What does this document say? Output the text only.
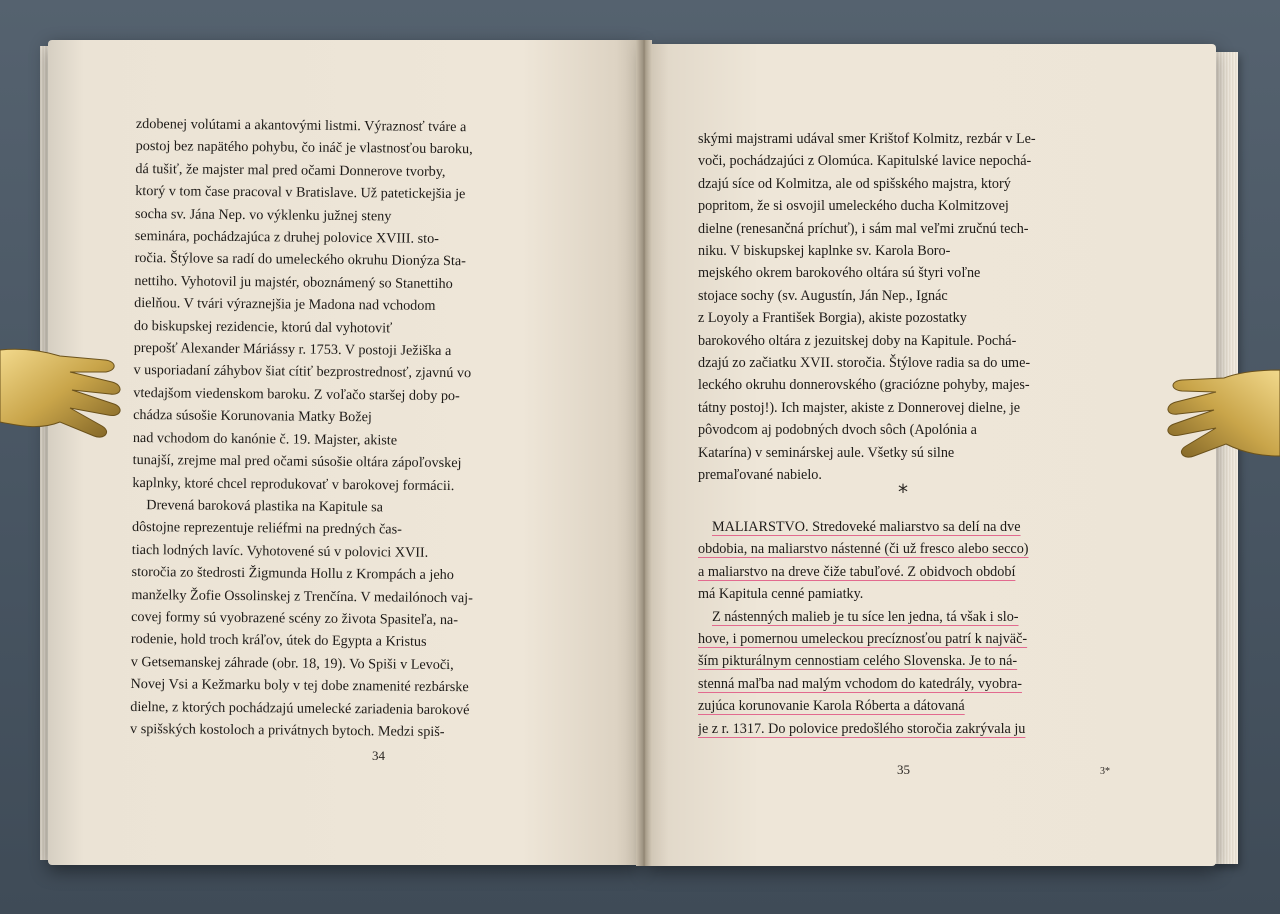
zdobenej volútami a akantovými listmi. Výraznosť tváre a
postoj bez napätého pohybu, čo ináč je vlastnosťou baroku,
dá tušiť, že majster mal pred očami Donnerove tvorby,
ktorý v tom čase pracoval v Bratislave. Už patetickejšia je
socha sv. Jána Nep. vo výklenku južnej steny
seminára, pochádzajúca z druhej polovice XVIII. sto-
ročia. Štýlove sa radí do umeleckého okruhu Dionýza Sta-
nettiho. Vyhotovil ju majstér, oboznámený so Stanettiho
dielňou. V tvári výraznejšia je Madona nad vchodom
do biskupskej rezidencie, ktorú dal vyhotoviť
prepošť Alexander Máriássy r. 1753. V postoji Ježiška a
v usporiadaní záhybov šiat cítiť bezprostrednosť, zjavnú vo
vtedajšom viedenskom baroku. Z voľačo staršej doby po-
chádza súsošie Korunovania Matky Božej
nad vchodom do kanónie č. 19. Majster, akiste
tunajší, zrejme mal pred očami súsošie oltára zápoľovskej
kaplnky, ktoré chcel reprodukovať v barokovej formácii.
Drevená baroková plastika na Kapitule sa
dôstojne reprezentuje reliéfmi na predných čas-
tiach lodných lavíc. Vyhotovené sú v polovici XVII.
storočia zo štedrosti Žigmunda Hollu z Krompách a jeho
manželky Žofie Ossolinskej z Trenčína. V medailónoch vaj-
covej formy sú vyobrazené scény zo života Spasiteľa, na-
rodenie, hold troch kráľov, útek do Egypta a Kristus
v Getsemanskej záhrade (obr. 18, 19). Vo Spiši v Levoči,
Novej Vsi a Kežmarku boly v tej dobe znamenité rezbárske
dielne, z ktorých pochádzajú umelecké zariadenia barokové
v spišských kostoloch a privátnych bytoch. Medzi spiš-
34
skými majstrami udával smer Krištof Kolmitz, rezbár v Le-
voči, pochádzajúci z Olomúca. Kapitulské lavice nepochá-
dzajú síce od Kolmitza, ale od spišského majstra, ktorý
popritom, že si osvojil umeleckého ducha Kolmitzovej
dielne (renesančná príchuť), i sám mal veľmi zručnú tech-
niku. V biskupskej kaplnke sv. Karola Boro-
mejského okrem barokového oltára sú štyri voľne
stojace sochy (sv. Augustín, Ján Nep., Ignác
z Loyoly a František Borgia), akiste pozostatky
barokového oltára z jezuitskej doby na Kapitule. Pochá-
dzajú zo začiatku XVII. storočia. Štýlove radia sa do ume-
leckého okruhu donnerovského (graciózne pohyby, majes-
tátny postoj!). Ich majster, akiste z Donnerovej dielne, je
pôvodcom aj podobných dvoch sôch (Apolónia a
Katarína) v seminárskej aule. Všetky sú silne
premaľované nabielo.
*
MALIARSTVO. Stredoveké maliarstvo sa delí na dve
obdobia, na maliarstvo nástenné (či už fresco alebo secco)
a maliarstvo na dreve čiže tabuľové. Z obidvoch období
má Kapitula cenné pamiatky.
Z nástenných malieb je tu síce len jedna, tá však i slo-
hove, i pomernou umeleckou precíznosťou patrí k najväč-
ším pikturálnym cennostiam celého Slovenska. Je to ná-
stenná maľba nad malým vchodom do katedrály, vyobra-
zujúca korunovanie Karola Róberta a dátovaná
je z r. 1317. Do polovice predošlého storočia zakrývala ju
35	3*
